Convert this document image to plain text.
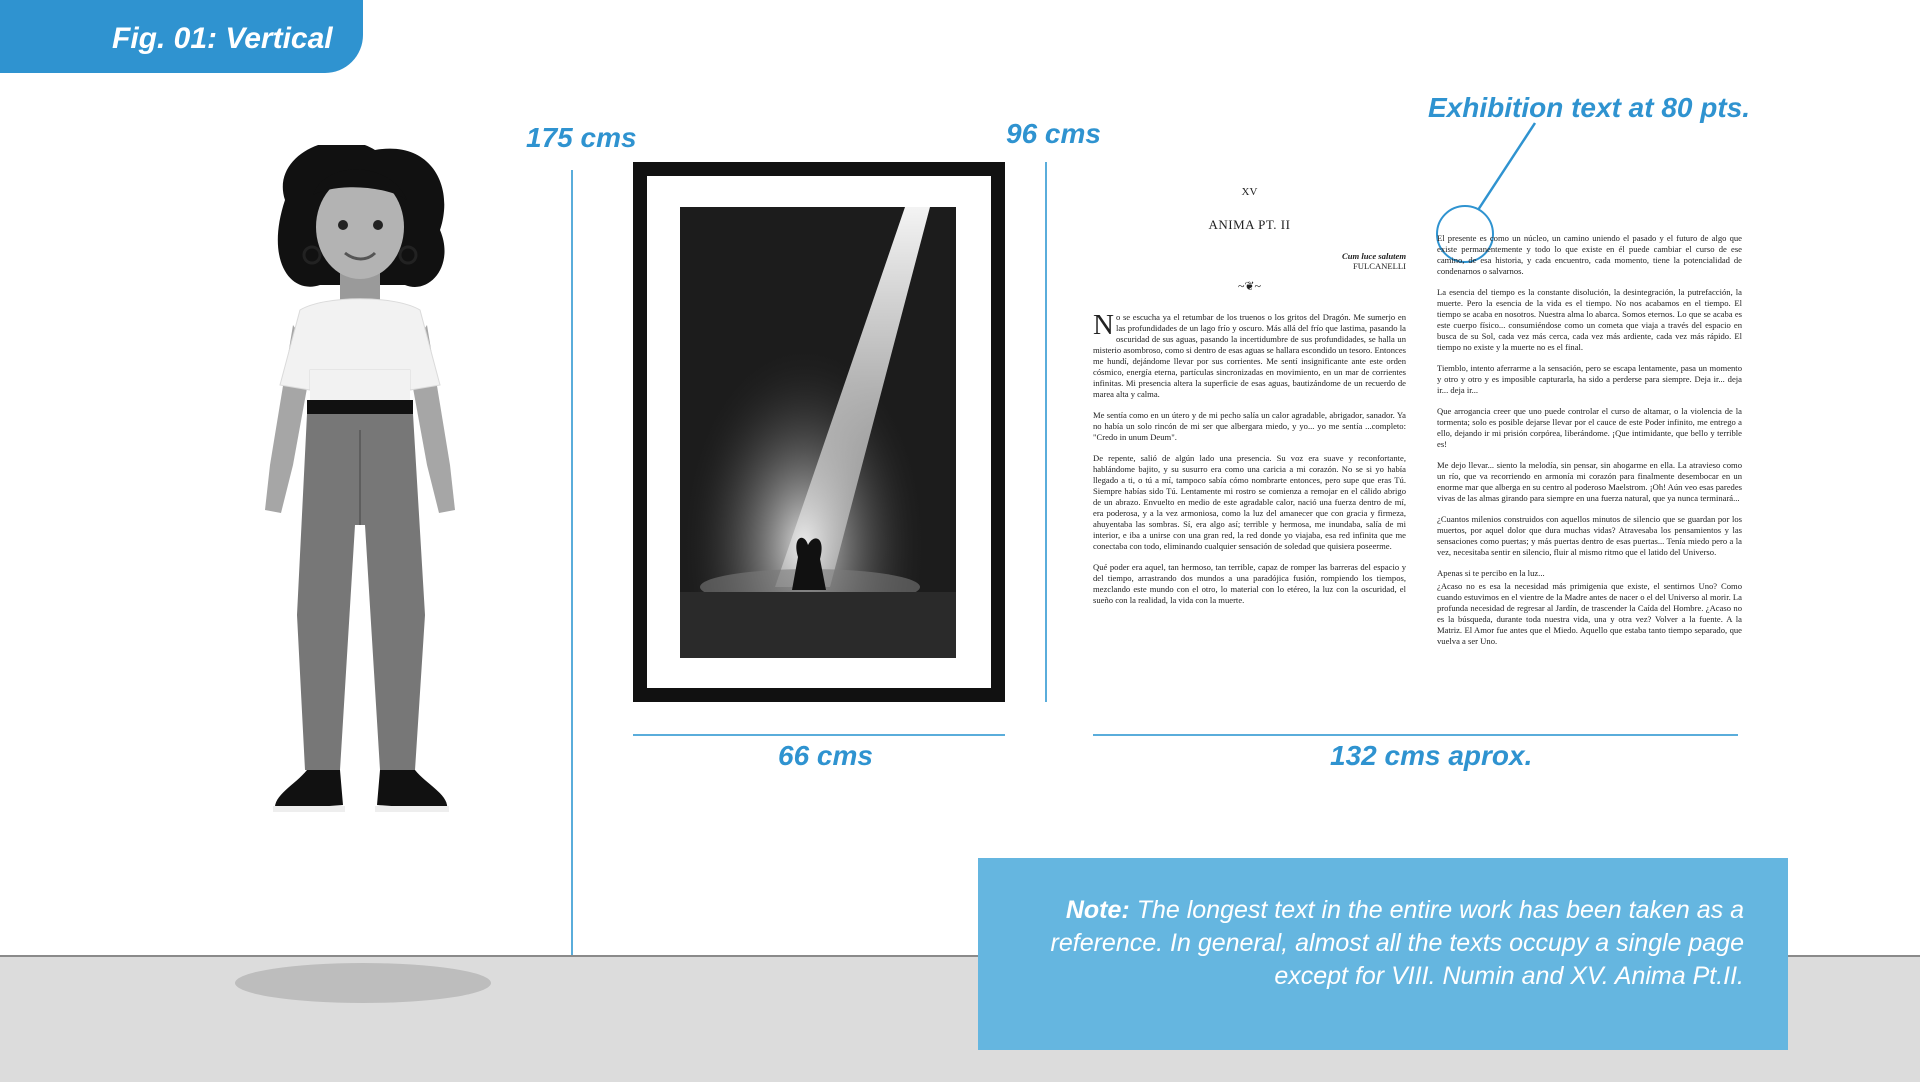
Fig. 01: Vertical
175 cms	96 cms
66 cms	132 cms aprox.
Exhibition text at 80 pts.
XV
ANIMA PT. II
Cum luce salutem
FULCANELLI
~❦~

No se escucha ya el retumbar de los truenos o los gritos del Dragón. Me sumerjo en las profundidades de un lago frío y oscuro. Más allá del frío que lastima, pasando la oscuridad de sus aguas, pasando la incertidumbre de sus profundidades, se halla un misterio asombroso, como si dentro de esas aguas se hallara escondido un tesoro. Entonces me hundí, dejándome llevar por sus corrientes. Me sentí insignificante ante este orden cósmico, energía eterna, partículas sincronizadas en movimiento, en un mar de corrientes infinitas. Mi presencia altera la superficie de esas aguas, bautizándome de un recuerdo de marea alta y calma.

Me sentía como en un útero y de mi pecho salía un calor agradable, abrigador, sanador. Ya no había un solo rincón de mi ser que albergara miedo, y yo... yo me sentía ...completo: "Credo in unum Deum".

De repente, salió de algún lado una presencia. Su voz era suave y reconfortante, hablándome bajito, y su susurro era como una caricia a mi corazón. No se si yo había llegado a ti, o tú a mí, tampoco sabía cómo nombrarte entonces, pero supe que eras Tú. Siempre habías sido Tú. Lentamente mi rostro se comienza a remojar en el cálido abrigo de un abrazo. Envuelto en medio de este agradable calor, nació una fuerza dentro de mí, era poderosa, y a la vez armoniosa, como la luz del amanecer que con gracia y firmeza, ahuyentaba las sombras. Sí, era algo así; terrible y hermosa, me inundaba, salía de mi interior, e iba a unirse con una gran red, la red donde yo viajaba, esa red infinita que me conectaba con todo, eliminando cualquier sensación de soledad que quisiera poseerme.

Qué poder era aquel, tan hermoso, tan terrible, capaz de romper las barreras del espacio y del tiempo, arrastrando dos mundos a una paradójica fusión, rompiendo los tiempos, mezclando este mundo con el otro, lo material con lo etéreo, la luz con la oscuridad, el sueño con la realidad, la vida con la muerte.

El presente es como un núcleo, un camino uniendo el pasado y el futuro de algo que existe permanentemente y todo lo que existe en él puede cambiar el curso de ese camino, de esa historia, y cada encuentro, cada momento, tiene la potencialidad de condenarnos o salvarnos.

La esencia del tiempo es la constante disolución, la desintegración, la putrefacción, la muerte. Pero la esencia de la vida es el tiempo. No nos acabamos en el tiempo. El tiempo se acaba en nosotros. Nuestra alma lo abarca. Somos eternos. Lo que se acaba es este cuerpo físico... consumiéndose como un cometa que viaja a través del espacio en busca de su Sol, cada vez más cerca, cada vez más ardiente, cada vez más rápido. El tiempo no existe y la muerte no es el final.

Tiemblo, intento aferrarme a la sensación, pero se escapa lentamente, pasa un momento y otro y otro y es imposible capturarla, ha sido a perderse para siempre. Deja ir... deja ir... deja ir...

Que arrogancia creer que uno puede controlar el curso de altamar, o la violencia de la tormenta; solo es posible dejarse llevar por el cauce de este Poder infinito, me entrego a ello, dejando ir mi prisión corpórea, liberándome. ¡Que intimidante, que bello y terrible es!

Me dejo llevar... siento la melodía, sin pensar, sin ahogarme en ella. La atravieso como un río, que va recorriendo en armonía mi corazón para finalmente desembocar en un enorme mar que alberga en su centro al poderoso Maelstrom. ¡Oh! Aún veo esas paredes vivas de las almas girando para siempre en una fuerza natural, que ya nunca terminará...

¿Cuantos milenios construidos con aquellos minutos de silencio que se guardan por los muertos, por aquel dolor que dura muchas vidas? Atravesaba los pensamientos y las sensaciones como puertas; y más puertas dentro de esas puertas... Tenía miedo pero a la vez, necesitaba sentir en silencio, fluir al mismo ritmo que el latido del Universo.

Apenas si te percibo en la luz...

¿Acaso no es esa la necesidad más primigenia que existe, el sentirnos Uno? Como cuando estuvimos en el vientre de la Madre antes de nacer o el del Universo al morir. La profunda necesidad de regresar al Jardín, de trascender la Caída del Hombre. ¿Acaso no es la búsqueda, durante toda nuestra vida, una y otra vez? Volver a la fuente. A la Matriz. El Amor fue antes que el Miedo. Aquello que estaba tanto tiempo separado, que vuelva a ser Uno.

Note: The longest text in the entire work has been taken as a reference. In general, almost all the texts occupy a single page except for VIII. Numin and XV. Anima Pt.II.
